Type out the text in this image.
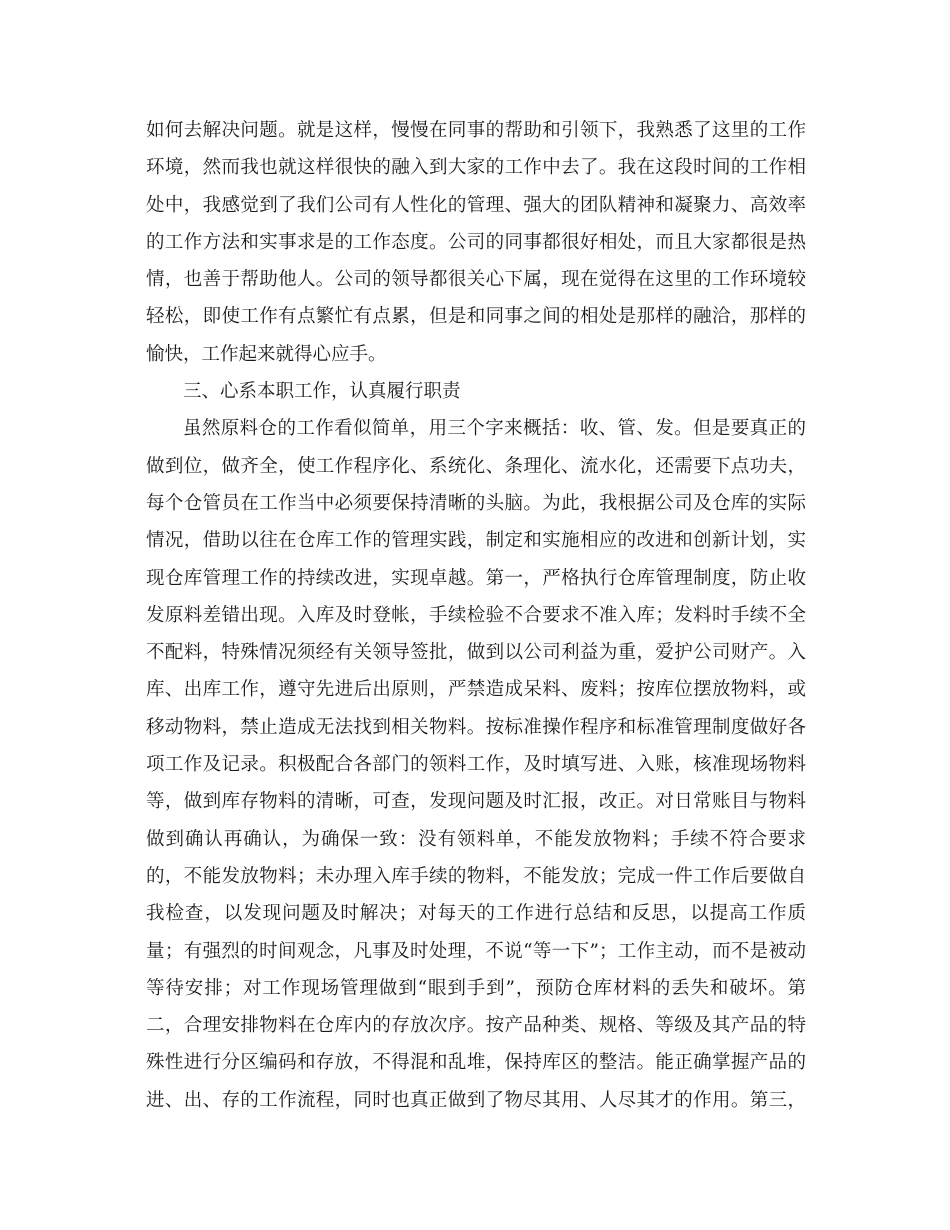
如何去解决问题。就是这样，慢慢在同事的帮助和引领下，我熟悉了这里的工作
环境，然而我也就这样很快的融入到大家的工作中去了。我在这段时间的工作相
处中，我感觉到了我们公司有人性化的管理、强大的团队精神和凝聚力、高效率
的工作方法和实事求是的工作态度。公司的同事都很好相处，而且大家都很是热
情，也善于帮助他人。公司的领导都很关心下属，现在觉得在这里的工作环境较
轻松，即使工作有点繁忙有点累，但是和同事之间的相处是那样的融洽，那样的
愉快，工作起来就得心应手。
三、心系本职工作，认真履行职责
虽然原料仓的工作看似简单，用三个字来概括：收、管、发。但是要真正的
做到位，做齐全，使工作程序化、系统化、条理化、流水化，还需要下点功夫，
每个仓管员在工作当中必须要保持清晰的头脑。为此，我根据公司及仓库的实际
情况，借助以往在仓库工作的管理实践，制定和实施相应的改进和创新计划，实
现仓库管理工作的持续改进，实现卓越。第一，严格执行仓库管理制度，防止收
发原料差错出现。入库及时登帐，手续检验不合要求不准入库；发料时手续不全
不配料，特殊情况须经有关领导签批，做到以公司利益为重，爱护公司财产。入
库、出库工作，遵守先进后出原则，严禁造成呆料、废料；按库位摆放物料，或
移动物料，禁止造成无法找到相关物料。按标准操作程序和标准管理制度做好各
项工作及记录。积极配合各部门的领料工作，及时填写进、入账，核准现场物料
等，做到库存物料的清晰，可查，发现问题及时汇报，改正。对日常账目与物料
做到确认再确认，为确保一致：没有领料单，不能发放物料；手续不符合要求
的，不能发放物料；未办理入库手续的物料，不能发放；完成一件工作后要做自
我检查，以发现问题及时解决；对每天的工作进行总结和反思，以提高工作质
量；有强烈的时间观念，凡事及时处理，不说“等一下”；工作主动，而不是被动
等待安排；对工作现场管理做到“眼到手到”，预防仓库材料的丢失和破坏。第
二，合理安排物料在仓库内的存放次序。按产品种类、规格、等级及其产品的特
殊性进行分区编码和存放，不得混和乱堆，保持库区的整洁。能正确掌握产品的
进、出、存的工作流程，同时也真正做到了物尽其用、人尽其才的作用。第三，
